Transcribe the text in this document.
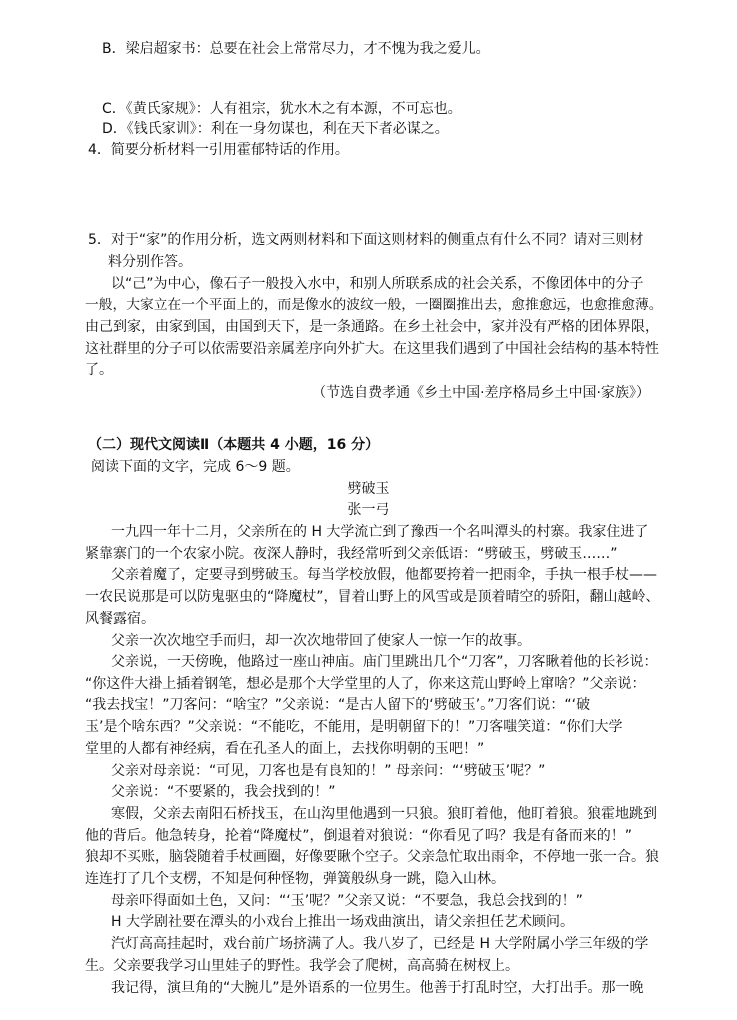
B．梁启超家书：总要在社会上常常尽力，才不愧为我之爱儿。
C．《黄氏家规》：人有祖宗，犹水木之有本源，不可忘也。
D．《钱氏家训》：利在一身勿谋也，利在天下者必谋之。
4．简要分析材料一引用霍郁特话的作用。
5．对于“家”的作用分析，选文两则材料和下面这则材料的侧重点有什么不同？请对三则材
料分别作答。
以“己”为中心，像石子一般投入水中，和别人所联系成的社会关系，不像团体中的分子
一般，大家立在一个平面上的，而是像水的波纹一般，一圈圈推出去，愈推愈远，也愈推愈薄。
由己到家，由家到国，由国到天下，是一条通路。在乡土社会中，家并没有严格的团体界限，
这社群里的分子可以依需要沿亲属差序向外扩大。在这里我们遇到了中国社会结构的基本特性
了。
（节选自费孝通《乡土中国·差序格局乡土中国·家族》）
（二）现代文阅读Ⅱ（本题共 4 小题，16 分）
阅读下面的文字，完成 6～9 题。
劈破玉
张一弓
一九四一年十二月，父亲所在的 H 大学流亡到了豫西一个名叫潭头的村寨。我家住进了
紧靠寨门的一个农家小院。夜深人静时，我经常听到父亲低语：“劈破玉，劈破玉……”
父亲着魔了，定要寻到劈破玉。每当学校放假，他都要挎着一把雨伞，手执一根手杖——
一农民说那是可以防鬼驱虫的“降魔杖”，冒着山野上的风雪或是顶着晴空的骄阳，翻山越岭、
风餐露宿。
父亲一次次地空手而归，却一次次地带回了使家人一惊一乍的故事。
父亲说，一天傍晚，他路过一座山神庙。庙门里跳出几个“刀客”，刀客瞅着他的长衫说：
“你这件大褂上插着钢笔，想必是那个大学堂里的人了，你来这荒山野岭上窜啥？”父亲说：
“我去找宝！”刀客问：“啥宝？”父亲说：“是古人留下的‘劈破玉’。”刀客们说：“‘破
玉’是个啥东西？”父亲说：“不能吃，不能用，是明朝留下的！”刀客嗤笑道：“你们大学
堂里的人都有神经病，看在孔圣人的面上，去找你明朝的玉吧！”
父亲对母亲说：“可见，刀客也是有良知的！” 母亲问：“‘劈破玉’呢？”
父亲说：“不要紧的，我会找到的！”
寒假，父亲去南阳石桥找玉，在山沟里他遇到一只狼。狼盯着他，他盯着狼。狼霍地跳到
他的背后。他急转身，抡着“降魔杖”，倒退着对狼说：“你看见了吗？我是有备而来的！”
狼却不买账，脑袋随着手杖画圈，好像要瞅个空子。父亲急忙取出雨伞，不停地一张一合。狼
连连打了几个支楞，不知是何种怪物，弹簧般纵身一跳，隐入山林。
母亲吓得面如土色，又问：“‘玉’呢？”父亲又说：“不要急，我总会找到的！”
H 大学剧社要在潭头的小戏台上推出一场戏曲演出，请父亲担任艺术顾问。
汽灯高高挂起时，戏台前广场挤满了人。我八岁了，已经是 H 大学附属小学三年级的学
生。父亲要我学习山里娃子的野性。我学会了爬树，高高骑在树杈上。
我记得，演旦角的“大腕儿”是外语系的一位男生。他善于打乱时空，大打出手。那一晚
